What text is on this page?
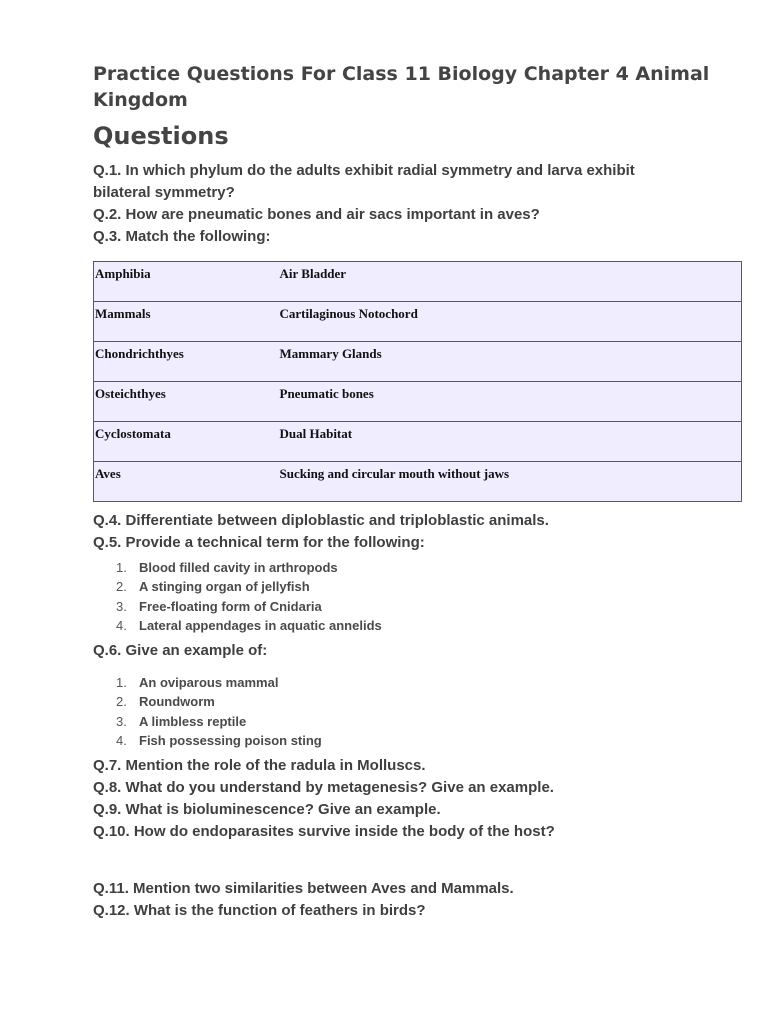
Practice Questions For Class 11 Biology Chapter 4 Animal Kingdom
Questions

Q.1. In which phylum do the adults exhibit radial symmetry and larva exhibit bilateral symmetry?

Q.2. How are pneumatic bones and air sacs important in aves?

Q.3. Match the following:

Amphibia	Air Bladder
Mammals	Cartilaginous Notochord
Chondrichthyes	Mammary Glands
Osteichthyes	Pneumatic bones
Cyclostomata	Dual Habitat
Aves	Sucking and circular mouth without jaws

Q.4. Differentiate between diploblastic and triploblastic animals.

Q.5. Provide a technical term for the following:

1. Blood filled cavity in arthropods
2. A stinging organ of jellyfish
3. Free-floating form of Cnidaria
4. Lateral appendages in aquatic annelids

Q.6. Give an example of:

1. An oviparous mammal
2. Roundworm
3. A limbless reptile
4. Fish possessing poison sting

Q.7. Mention the role of the radula in Molluscs.

Q.8. What do you understand by metagenesis? Give an example.

Q.9. What is bioluminescence? Give an example.

Q.10. How do endoparasites survive inside the body of the host?

Q.11. Mention two similarities between Aves and Mammals.

Q.12. What is the function of feathers in birds?
